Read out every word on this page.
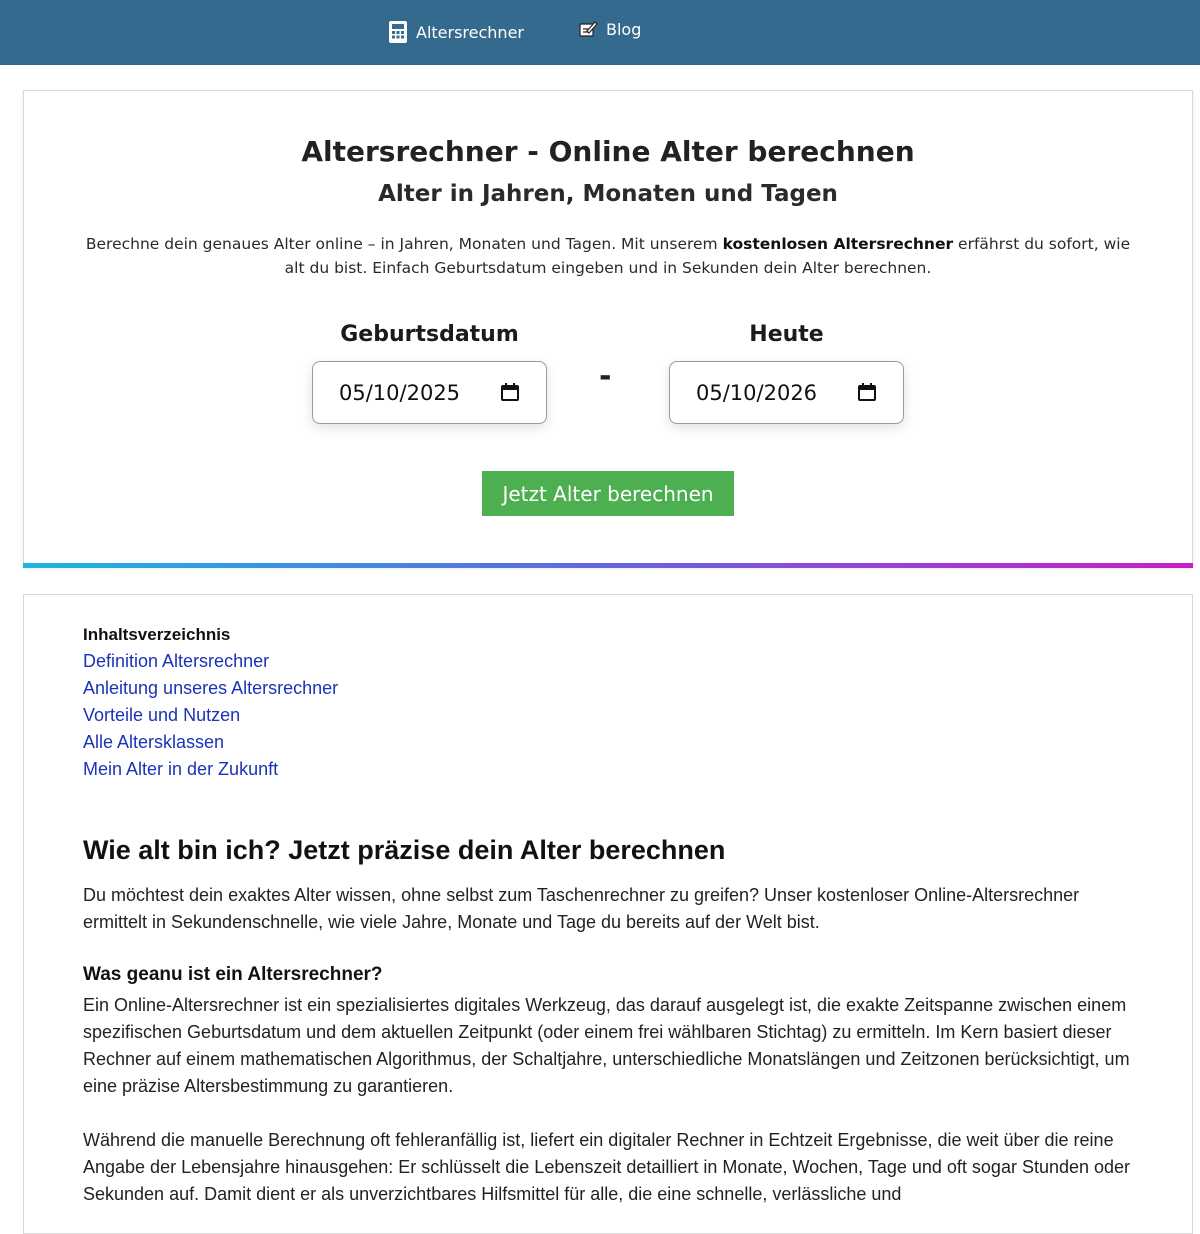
Altersrechner	Blog
Altersrechner - Online Alter berechnen
Alter in Jahren, Monaten und Tagen

Berechne dein genaues Alter online – in Jahren, Monaten und Tagen. Mit unserem kostenlosen Altersrechner erfährst du sofort, wie alt du bist. Einfach Geburtsdatum eingeben und in Sekunden dein Alter berechnen.

Geburtsdatum
05/10/2025	-
Heute
05/10/2026
Jetzt Alter berechnen
Inhaltsverzeichnis
Definition Altersrechner
Anleitung unseres Altersrechner
Vorteile und Nutzen
Alle Altersklassen
Mein Alter in der Zukunft
Wie alt bin ich? Jetzt präzise dein Alter berechnen

Du möchtest dein exaktes Alter wissen, ohne selbst zum Taschenrechner zu greifen? Unser kostenloser Online-Altersrechner ermittelt in Sekundenschnelle, wie viele Jahre, Monate und Tage du bereits auf der Welt bist.

Was geanu ist ein Altersrechner?

Ein Online-Altersrechner ist ein spezialisiertes digitales Werkzeug, das darauf ausgelegt ist, die exakte Zeitspanne zwischen einem spezifischen Geburtsdatum und dem aktuellen Zeitpunkt (oder einem frei wählbaren Stichtag) zu ermitteln. Im Kern basiert dieser Rechner auf einem mathematischen Algorithmus, der Schaltjahre, unterschiedliche Monatslängen und Zeitzonen berücksichtigt, um eine präzise Altersbestimmung zu garantieren.

Während die manuelle Berechnung oft fehleranfällig ist, liefert ein digitaler Rechner in Echtzeit Ergebnisse, die weit über die reine Angabe der Lebensjahre hinausgehen: Er schlüsselt die Lebenszeit detailliert in Monate, Wochen, Tage und oft sogar Stunden oder Sekunden auf. Damit dient er als unverzichtbares Hilfsmittel für alle, die eine schnelle, verlässliche und
